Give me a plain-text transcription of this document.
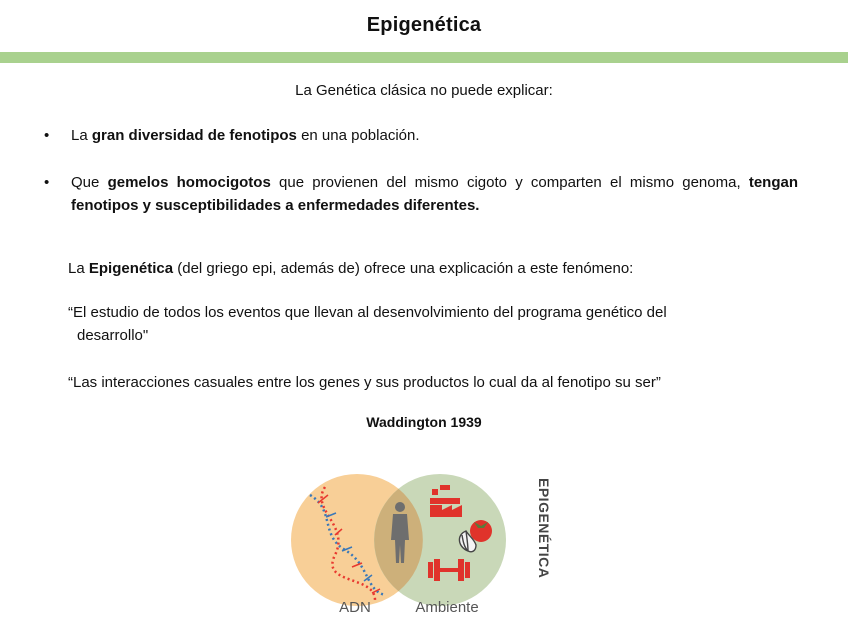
Epigenética
La Genética clásica no puede explicar:
• La gran diversidad de fenotipos en una población.
• Que gemelos homocigotos que provienen del mismo cigoto y comparten el mismo genoma, tengan fenotipos y susceptibilidades a enfermedades diferentes.
La Epigenética (del griego epi, además de) ofrece una explicación a este fenómeno:
“El estudio de todos los eventos que llevan al desenvolvimiento del programa genético del
desarrollo"
“Las interacciones casuales entre los genes y sus productos lo cual da al fenotipo su ser”
Waddington 1939
ADN	Ambiente
EPIGENÉTICA
